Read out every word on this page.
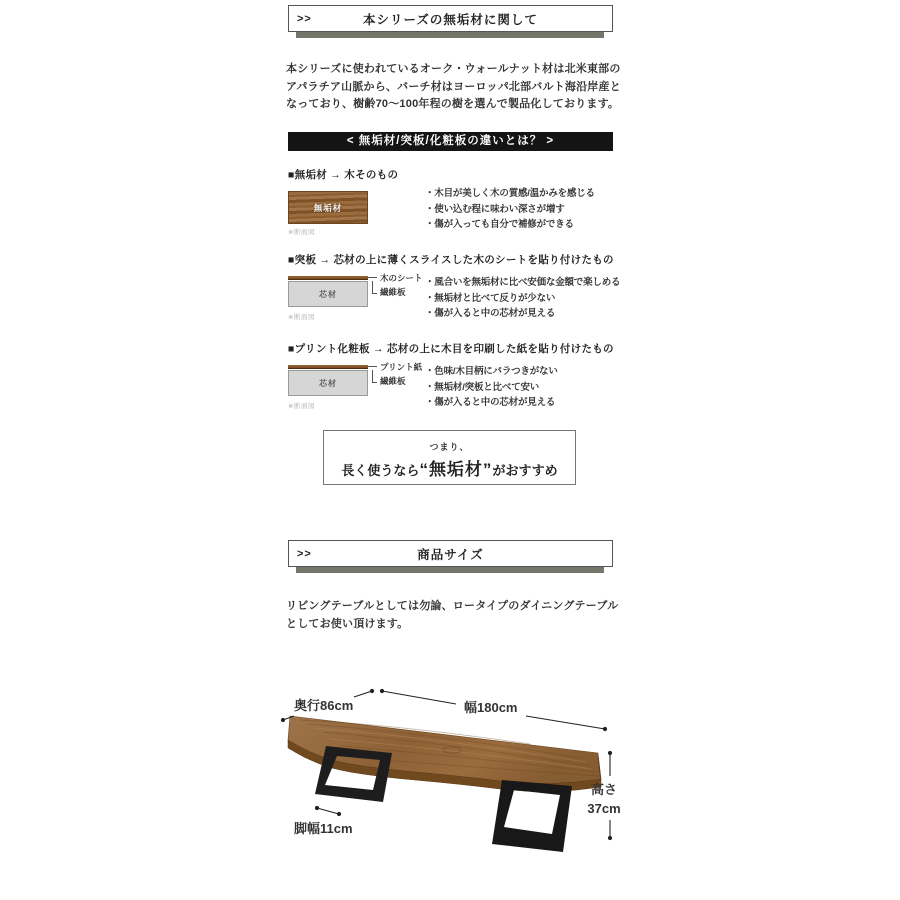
>>	本シリーズの無垢材に関して

本シリーズに使われているオーク・ウォールナット材は北米東部のアパラチア山脈から、バーチ材はヨーロッパ北部バルト海沿岸産となっており、樹齢70〜100年程の樹を選んで製品化しております。

< 無垢材/突板/化粧板の違いとは？ >
■無垢材 → 木そのもの
無垢材
※断面図
・木目が美しく木の質感/温かみを感じる
・使い込む程に味わい深さが増す
・傷が入っても自分で補修ができる
■突板 → 芯材の上に薄くスライスした木のシートを貼り付けたもの
芯材
木のシート
繊維板
※断面図
・風合いを無垢材に比べ安価な金額で楽しめる
・無垢材と比べて反りが少ない
・傷が入ると中の芯材が見える
■プリント化粧板 → 芯材の上に木目を印刷した紙を貼り付けたもの
芯材
プリント紙
繊維板
※断面図
・色味/木目柄にバラつきがない
・無垢材/突板と比べて安い
・傷が入ると中の芯材が見える
つまり、
長く使うなら“無垢材”がおすすめ
>>	商品サイズ

リビングテーブルとしては勿論、ロータイプのダイニングテーブルとしてお使い頂けます。

奥行86cm	幅180cm
高さ
37cm
脚幅11cm
